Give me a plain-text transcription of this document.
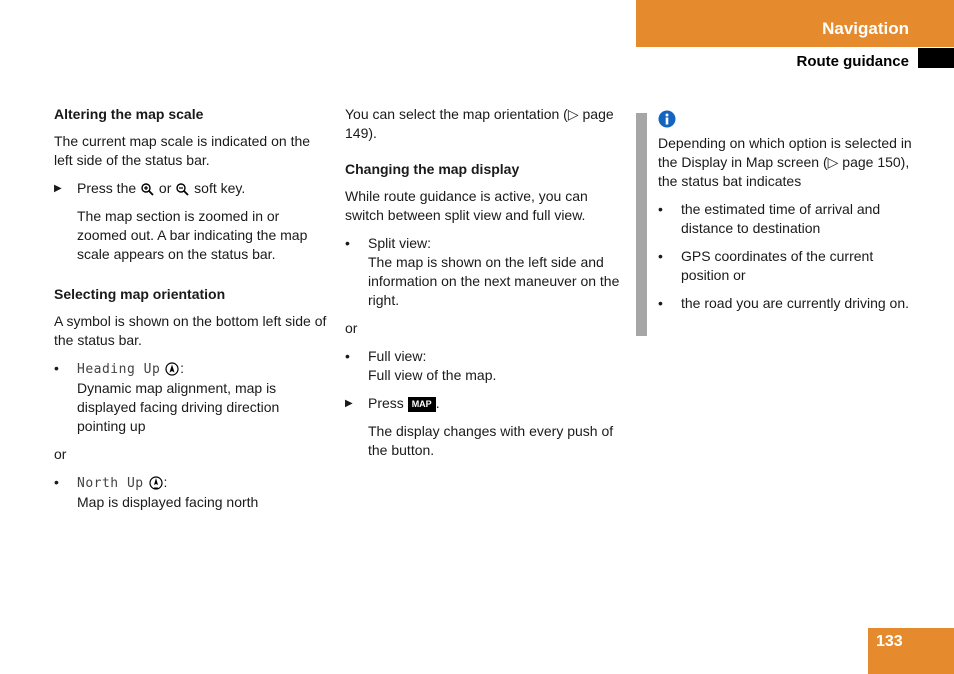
Navigation
Route guidance
Altering the map scale

The current map scale is indicated on the left side of the status bar.

▶ Press the or soft key.

The map section is zoomed in or zoomed out. A bar indicating the map scale appears on the status bar.

Selecting map orientation

A symbol is shown on the bottom left side of the status bar.

• Heading Up :
Dynamic map alignment, map is displayed facing driving direction pointing up

or

• North Up :
Map is displayed facing north

You can select the map orientation (▷ page 149).

Changing the map display

While route guidance is active, you can switch between split view and full view.

• Split view:
The map is shown on the left side and information on the next maneuver on the right.

or

• Full view:
Full view of the map.
▶ Press MAP .

The display changes with every push of the button.

Depending on which option is selected in the Display in Map screen (▷ page 150), the status bat indicates

• the estimated time of arrival and distance to destination
• GPS coordinates of the current position or
• the road you are currently driving on.
133
